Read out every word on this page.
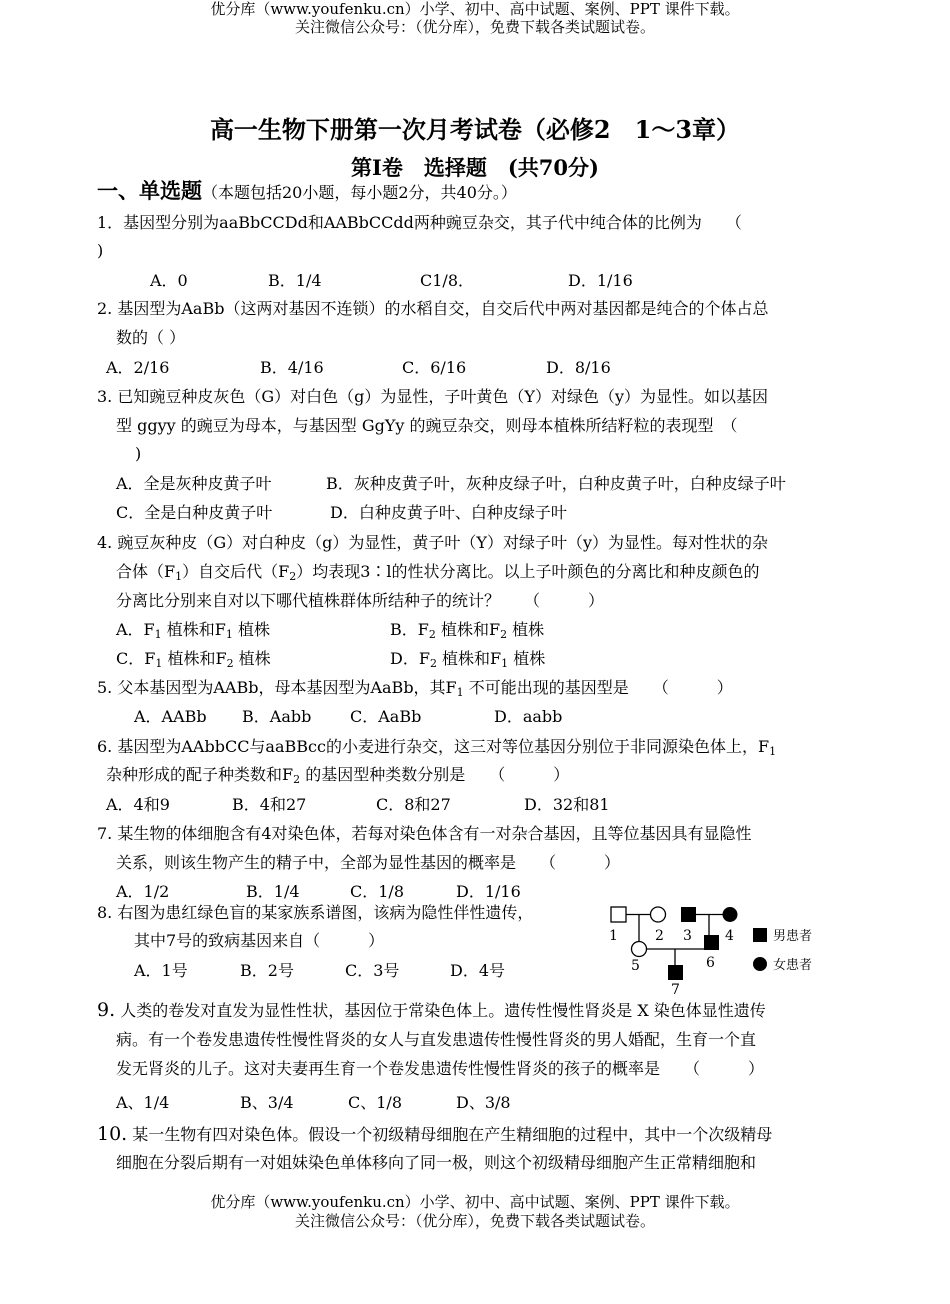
优分库（www.youfenku.cn）小学、初中、高中试题、案例、PPT 课件下载。
关注微信公众号：（优分库），免费下载各类试题试卷。
高一生物下册第一次月考试卷（必修2　1～3章）
第Ⅰ卷　选择题　(共70分)
一、单选题（本题包括20小题，每小题2分，共40分。）
1．基因型分别为aaBbCCDd和AABbCCdd两种豌豆杂交，其子代中纯合体的比例为　　（
)
A．0	B．1/4	C1/8．	D．1/16
2. 基因型为AaBb（这两对基因不连锁）的水稻自交，自交后代中两对基因都是纯合的个体占总
数的（ ）
A．2/16	B．4/16	C．6/16	D．8/16
3. 已知豌豆种皮灰色（G）对白色（g）为显性，子叶黄色（Y）对绿色（y）为显性。如以基因
型 ggyy 的豌豆为母本，与基因型 GgYy 的豌豆杂交，则母本植株所结籽粒的表现型　（
)
A．全是灰种皮黄子叶	B．灰种皮黄子叶，灰种皮绿子叶，白种皮黄子叶，白种皮绿子叶
C．全是白种皮黄子叶	D．白种皮黄子叶、白种皮绿子叶
4. 豌豆灰种皮（G）对白种皮（g）为显性，黄子叶（Y）对绿子叶（y）为显性。每对性状的杂
合体$(F_1)$自交后代$(F_2)$均表现3∶l的性状分离比。以上子叶颜色的分离比和种皮颜色的
分离比分别来自对以下哪代植株群体所结种子的统计？　　（　　　）
A．$F_1$ 植株和$F_1$ 植株	B．$F_2$ 植株和$F_2$ 植株
C．$F_1$ 植株和$F_2$ 植株	D．$F_2$ 植株和$F_1$ 植株
5. 父本基因型为AABb，母本基因型为AaBb，其$F_1$ 不可能出现的基因型是　　（　　　）
A．AABb B．Aabb C．AaBb	D．aabb
6. 基因型为AAbbCC与aaBBcc的小麦进行杂交，这三对等位基因分别位于非同源染色体上，$F_1$
杂种形成的配子种类数和$F_2$ 的基因型种类数分别是　　（　　　）
A．4和9	B．4和27	C．8和27	D．32和81
7. 某生物的体细胞含有4对染色体，若每对染色体含有一对杂合基因，且等位基因具有显隐性
关系，则该生物产生的精子中，全部为显性基因的概率是　　（　　　）
A．1/2	B．1/4	C．1/8	D．1/16
8. 右图为患红绿色盲的某家族系谱图，该病为隐性伴性遗传，
其中7号的致病基因来自（　　　）
A．1号	B．2号	C．3号	D．4号
1	2 3 4
5	6
7
男患者
女患者
9. 人类的卷发对直发为显性性状，基因位于常染色体上。遗传性慢性肾炎是 X 染色体显性遗传
病。有一个卷发患遗传性慢性肾炎的女人与直发患遗传性慢性肾炎的男人婚配，生育一个直
发无肾炎的儿子。这对夫妻再生育一个卷发患遗传性慢性肾炎的孩子的概率是　　（　　　）
A、1/4	B、3/4	C、1/8	D、3/8
10. 某一生物有四对染色体。假设一个初级精母细胞在产生精细胞的过程中，其中一个次级精母
细胞在分裂后期有一对姐妹染色单体移向了同一极，则这个初级精母细胞产生正常精细胞和
优分库（www.youfenku.cn）小学、初中、高中试题、案例、PPT 课件下载。
关注微信公众号：（优分库），免费下载各类试题试卷。
